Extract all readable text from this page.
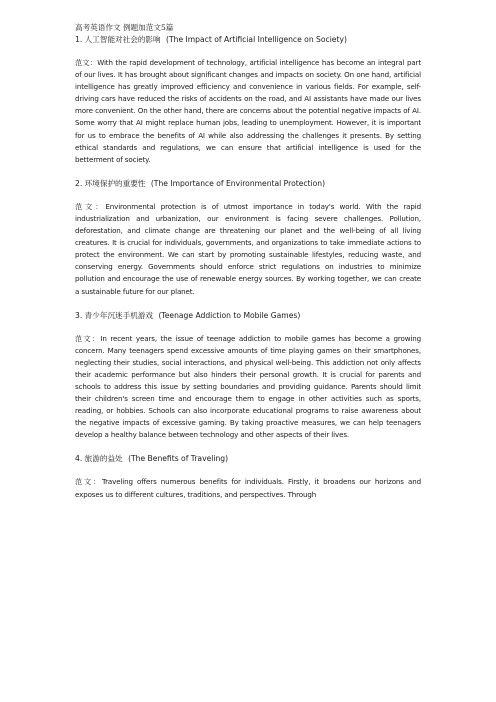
高考英语作文 例题加范文5篇

1. 人工智能对社会的影响 (The Impact of Artificial Intelligence on Society)

范文：With the rapid development of technology, artificial intelligence has become an integral part of our lives. It has brought about significant changes and impacts on society. On one hand, artificial intelligence has greatly improved efficiency and convenience in various fields. For example, self-driving cars have reduced the risks of accidents on the road, and AI assistants have made our lives more convenient. On the other hand, there are concerns about the potential negative impacts of AI. Some worry that AI might replace human jobs, leading to unemployment. However, it is important for us to embrace the benefits of AI while also addressing the challenges it presents. By setting ethical standards and regulations, we can ensure that artificial intelligence is used for the betterment of society.

2. 环境保护的重要性 (The Importance of Environmental Protection)

范文：Environmental protection is of utmost importance in today's world. With the rapid industrialization and urbanization, our environment is facing severe challenges. Pollution, deforestation, and climate change are threatening our planet and the well-being of all living creatures. It is crucial for individuals, governments, and organizations to take immediate actions to protect the environment. We can start by promoting sustainable lifestyles, reducing waste, and conserving energy. Governments should enforce strict regulations on industries to minimize pollution and encourage the use of renewable energy sources. By working together, we can create a sustainable future for our planet.

3. 青少年沉迷手机游戏 (Teenage Addiction to Mobile Games)

范文：In recent years, the issue of teenage addiction to mobile games has become a growing concern. Many teenagers spend excessive amounts of time playing games on their smartphones, neglecting their studies, social interactions, and physical well-being. This addiction not only affects their academic performance but also hinders their personal growth. It is crucial for parents and schools to address this issue by setting boundaries and providing guidance. Parents should limit their children's screen time and encourage them to engage in other activities such as sports, reading, or hobbies. Schools can also incorporate educational programs to raise awareness about the negative impacts of excessive gaming. By taking proactive measures, we can help teenagers develop a healthy balance between technology and other aspects of their lives.

4. 旅游的益处 (The Benefits of Traveling)

范文：Traveling offers numerous benefits for individuals. Firstly, it broadens our horizons and exposes us to different cultures, traditions, and perspectives. Through
